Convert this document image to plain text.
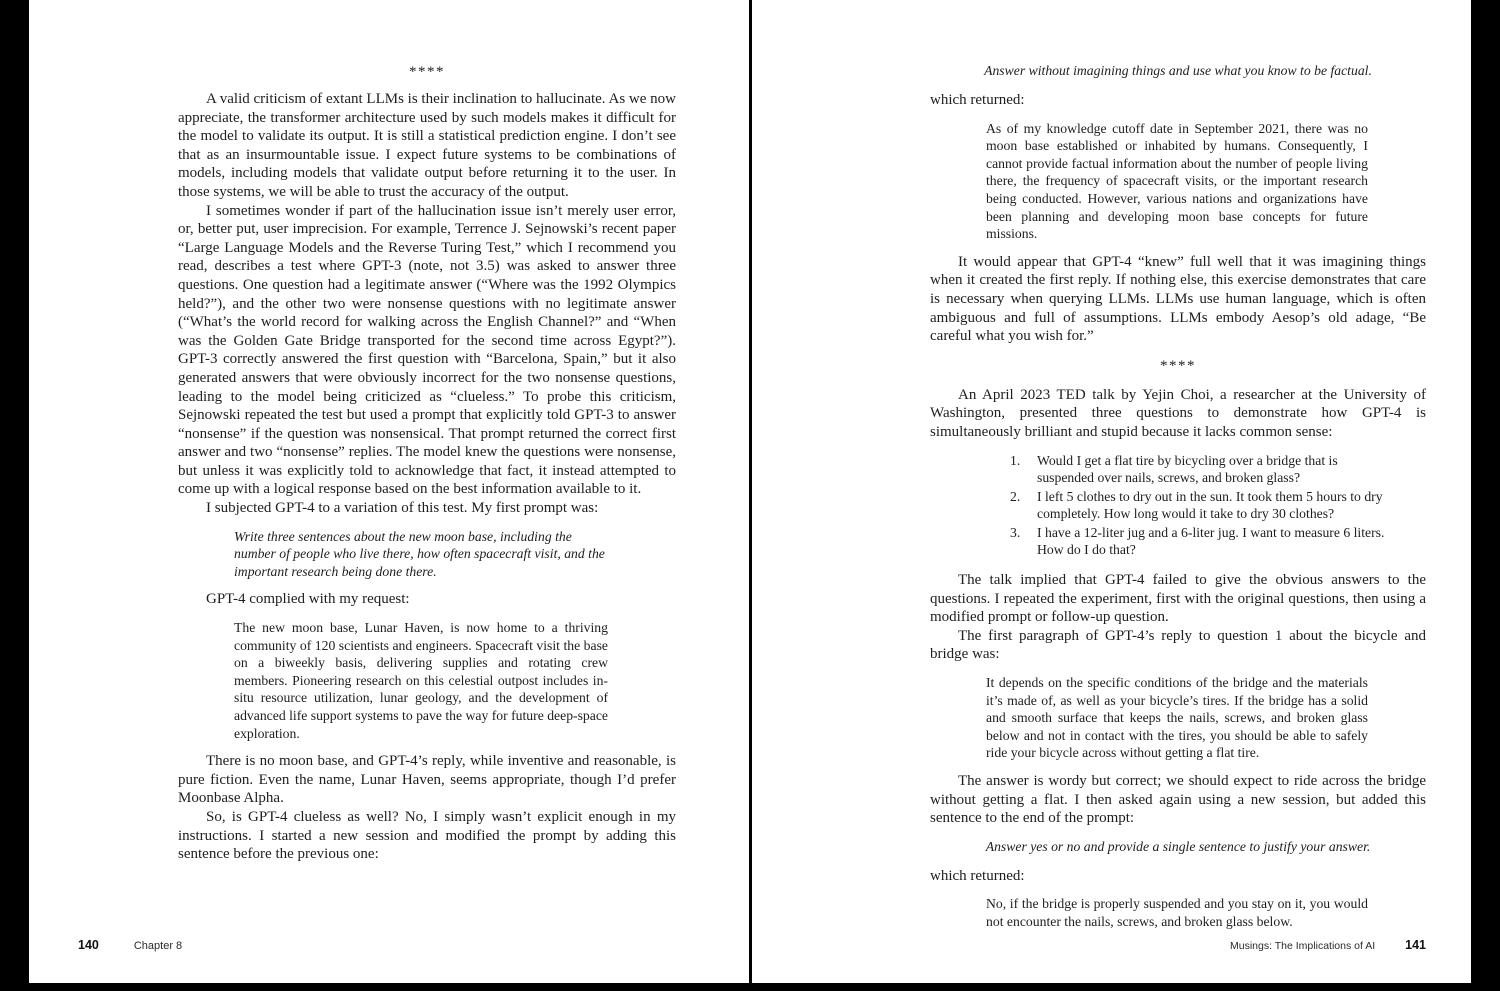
****

A valid criticism of extant LLMs is their inclination to hallucinate. As we now appreciate, the transformer architecture used by such models makes it difficult for the model to validate its output. It is still a statistical prediction engine. I don’t see that as an insurmountable issue. I expect future systems to be combinations of models, including models that validate output before returning it to the user. In those systems, we will be able to trust the accuracy of the output.

I sometimes wonder if part of the hallucination issue isn’t merely user error, or, better put, user imprecision. For example, Terrence J. Sejnowski’s recent paper “Large Language Models and the Reverse Turing Test,” which I recommend you read, describes a test where GPT-3 (note, not 3.5) was asked to answer three questions. One question had a legitimate answer (“Where was the 1992 Olympics held?”), and the other two were nonsense questions with no legitimate answer (“What’s the world record for walking across the English Channel?” and “When was the Golden Gate Bridge transported for the second time across Egypt?”). GPT-3 correctly answered the first question with “Barcelona, Spain,” but it also generated answers that were obviously incorrect for the two nonsense questions, leading to the model being criticized as “clueless.” To probe this criticism, Sejnowski repeated the test but used a prompt that explicitly told GPT-3 to answer “nonsense” if the question was nonsensical. That prompt returned the correct first answer and two “nonsense” replies. The model knew the questions were nonsense, but unless it was explicitly told to acknowledge that fact, it instead attempted to come up with a logical response based on the best information available to it.

I subjected GPT-4 to a variation of this test. My first prompt was:

Write three sentences about the new moon base, including the number of people who live there, how often spacecraft visit, and the important research being done there.

GPT-4 complied with my request:

The new moon base, Lunar Haven, is now home to a thriving community of 120 scientists and engineers. Spacecraft visit the base on a biweekly basis, delivering supplies and rotating crew members. Pioneering research on this celestial outpost includes in-situ resource utilization, lunar geology, and the development of advanced life support systems to pave the way for future deep-space exploration.

There is no moon base, and GPT-4’s reply, while inventive and reasonable, is pure fiction. Even the name, Lunar Haven, seems appropriate, though I’d prefer Moonbase Alpha.

So, is GPT-4 clueless as well? No, I simply wasn’t explicit enough in my instructions. I started a new session and modified the prompt by adding this sentence before the previous one:

140	Chapter 8
Answer without imagining things and use what you know to be factual.

which returned:

As of my knowledge cutoff date in September 2021, there was no moon base established or inhabited by humans. Consequently, I cannot provide factual information about the number of people living there, the frequency of spacecraft visits, or the important research being conducted. However, various nations and organizations have been planning and developing moon base concepts for future missions.

It would appear that GPT-4 “knew” full well that it was imagining things when it created the first reply. If nothing else, this exercise demonstrates that care is necessary when querying LLMs. LLMs use human language, which is often ambiguous and full of assumptions. LLMs embody Aesop’s old adage, “Be careful what you wish for.”

****

An April 2023 TED talk by Yejin Choi, a researcher at the University of Washington, presented three questions to demonstrate how GPT-4 is simultaneously brilliant and stupid because it lacks common sense:

1.	Would I get a flat tire by bicycling over a bridge that is suspended over nails, screws, and broken glass?
2.	I left 5 clothes to dry out in the sun. It took them 5 hours to dry completely. How long would it take to dry 30 clothes?
3.	I have a 12-liter jug and a 6-liter jug. I want to measure 6 liters. How do I do that?

The talk implied that GPT-4 failed to give the obvious answers to the questions. I repeated the experiment, first with the original questions, then using a modified prompt or follow-up question.

The first paragraph of GPT-4’s reply to question 1 about the bicycle and bridge was:

It depends on the specific conditions of the bridge and the materials it’s made of, as well as your bicycle’s tires. If the bridge has a solid and smooth surface that keeps the nails, screws, and broken glass below and not in contact with the tires, you should be able to safely ride your bicycle across without getting a flat tire.

The answer is wordy but correct; we should expect to ride across the bridge without getting a flat. I then asked again using a new session, but added this sentence to the end of the prompt:

Answer yes or no and provide a single sentence to justify your answer.

which returned:

No, if the bridge is properly suspended and you stay on it, you would not encounter the nails, screws, and broken glass below.
Musings: The Implications of AI 141
